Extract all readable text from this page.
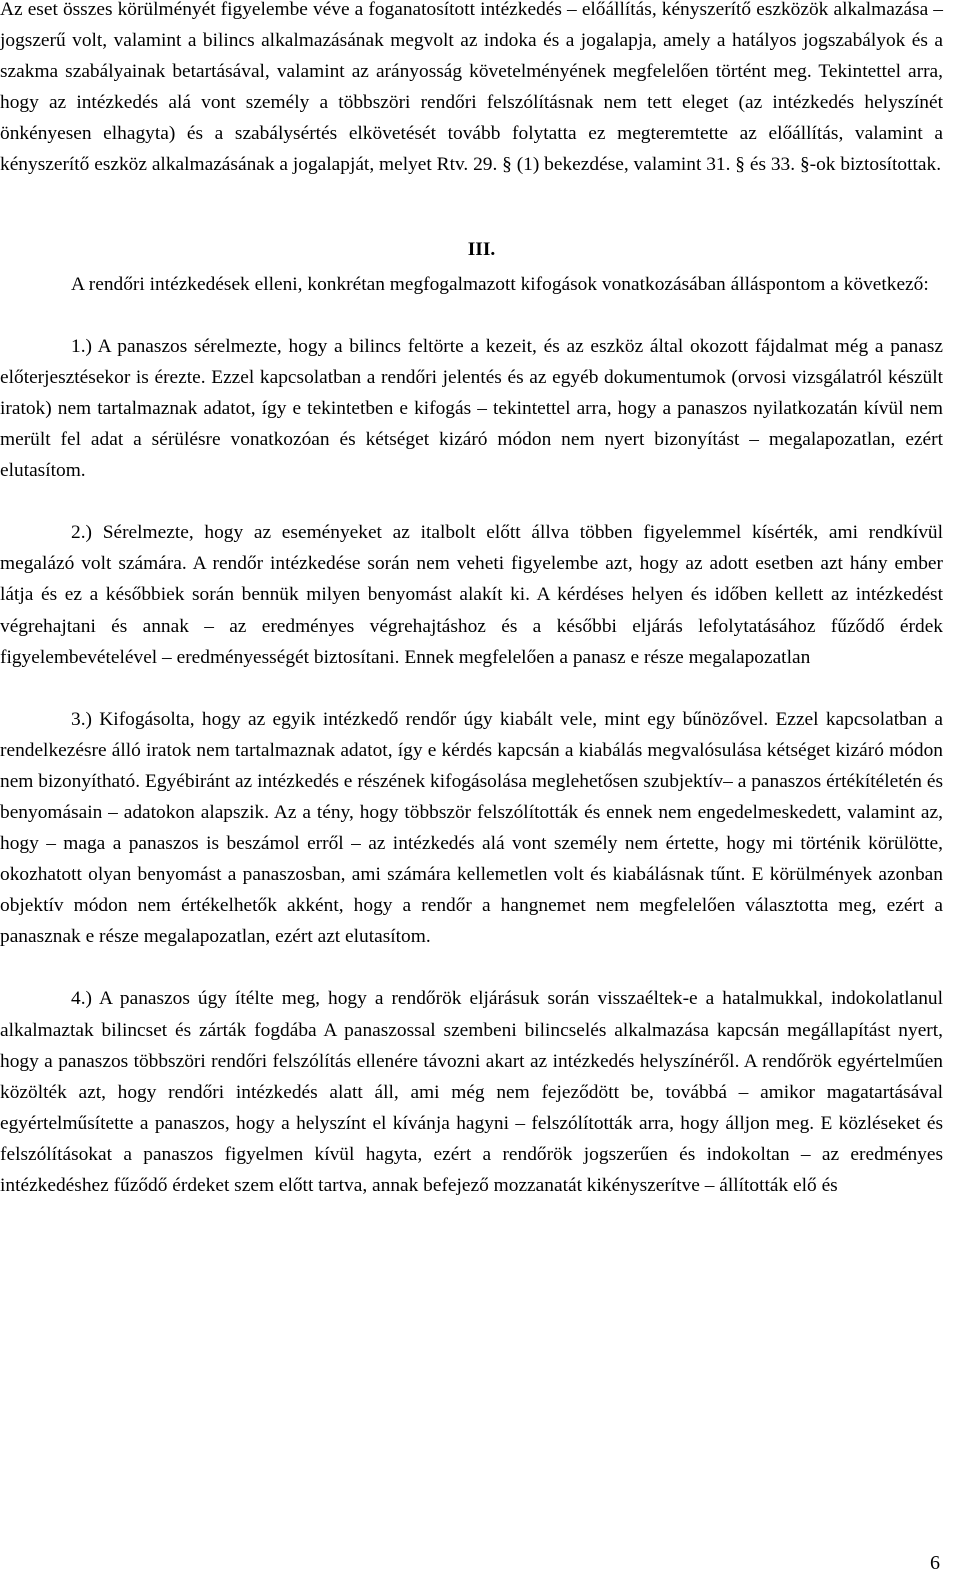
Az eset összes körülményét figyelembe véve a foganatosított intézkedés – előállítás, kényszerítő eszközök alkalmazása – jogszerű volt, valamint a bilincs alkalmazásának megvolt az indoka és a jogalapja, amely a hatályos jogszabályok és a szakma szabályainak betartásával, valamint az arányosság követelményének megfelelően történt meg. Tekintettel arra, hogy az intézkedés alá vont személy a többszöri rendőri felszólításnak nem tett eleget (az intézkedés helyszínét önkényesen elhagyta) és a szabálysértés elkövetését tovább folytatta ez megteremtette az előállítás, valamint a kényszerítő eszköz alkalmazásának a jogalapját, melyet Rtv. 29. § (1) bekezdése, valamint 31. § és 33. §-ok biztosítottak.

III.

A rendőri intézkedések elleni, konkrétan megfogalmazott kifogások vonatkozásában álláspontom a következő:

1.) A panaszos sérelmezte, hogy a bilincs feltörte a kezeit, és az eszköz által okozott fájdalmat még a panasz előterjesztésekor is érezte. Ezzel kapcsolatban a rendőri jelentés és az egyéb dokumentumok (orvosi vizsgálatról készült iratok) nem tartalmaznak adatot, így e tekintetben e kifogás – tekintettel arra, hogy a panaszos nyilatkozatán kívül nem merült fel adat a sérülésre vonatkozóan és kétséget kizáró módon nem nyert bizonyítást – megalapozatlan, ezért elutasítom.

2.) Sérelmezte, hogy az eseményeket az italbolt előtt állva többen figyelemmel kísérték, ami rendkívül megalázó volt számára. A rendőr intézkedése során nem veheti figyelembe azt, hogy az adott esetben azt hány ember látja és ez a későbbiek során bennük milyen benyomást alakít ki. A kérdéses helyen és időben kellett az intézkedést végrehajtani és annak – az eredményes végrehajtáshoz és a későbbi eljárás lefolytatásához fűződő érdek figyelembevételével – eredményességét biztosítani. Ennek megfelelően a panasz e része megalapozatlan

3.) Kifogásolta, hogy az egyik intézkedő rendőr úgy kiabált vele, mint egy bűnözővel. Ezzel kapcsolatban a rendelkezésre álló iratok nem tartalmaznak adatot, így e kérdés kapcsán a kiabálás megvalósulása kétséget kizáró módon nem bizonyítható. Egyébiránt az intézkedés e részének kifogásolása meglehetősen szubjektív– a panaszos értékítéletén és benyomásain – adatokon alapszik. Az a tény, hogy többször felszólították és ennek nem engedelmeskedett, valamint az, hogy – maga a panaszos is beszámol erről – az intézkedés alá vont személy nem értette, hogy mi történik körülötte, okozhatott olyan benyomást a panaszosban, ami számára kellemetlen volt és kiabálásnak tűnt. E körülmények azonban objektív módon nem értékelhetők akként, hogy a rendőr a hangnemet nem megfelelően választotta meg, ezért a panasznak e része megalapozatlan, ezért azt elutasítom.

4.) A panaszos úgy ítélte meg, hogy a rendőrök eljárásuk során visszaéltek-e a hatalmukkal, indokolatlanul alkalmaztak bilincset és zárták fogdába A panaszossal szembeni bilincselés alkalmazása kapcsán megállapítást nyert, hogy a panaszos többszöri rendőri felszólítás ellenére távozni akart az intézkedés helyszínéről. A rendőrök egyértelműen közölték azt, hogy rendőri intézkedés alatt áll, ami még nem fejeződött be, továbbá – amikor magatartásával egyértelműsítette a panaszos, hogy a helyszínt el kívánja hagyni – felszólították arra, hogy álljon meg. E közléseket és felszólításokat a panaszos figyelmen kívül hagyta, ezért a rendőrök jogszerűen és indokoltan – az eredményes intézkedéshez fűződő érdeket szem előtt tartva, annak befejező mozzanatát kikényszerítve – állították elő és

6
